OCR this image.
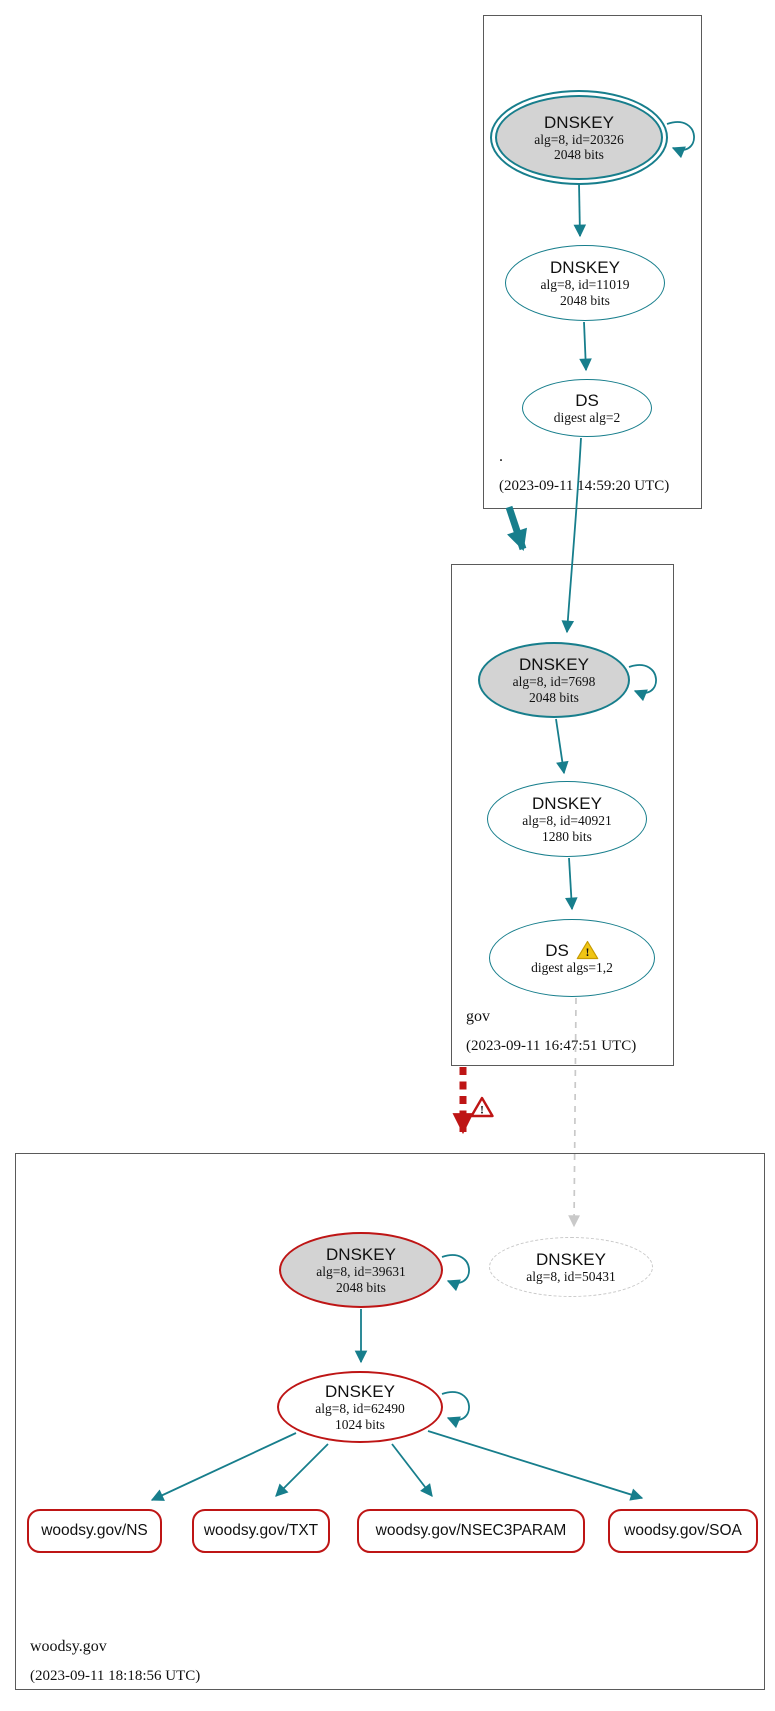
DNSKEY
alg=8, id=20326
2048 bits
DNSKEY
alg=8, id=11019
2048 bits
DS
digest alg=2
.
(2023-09-11 14:59:20 UTC)
DNSKEY
alg=8, id=7698
2048 bits
DNSKEY
alg=8, id=40921
1280 bits
DS !
digest algs=1,2
gov
(2023-09-11 16:47:51 UTC)
!
DNSKEY
alg=8, id=39631
2048 bits
DNSKEY
alg=8, id=50431
DNSKEY
alg=8, id=62490
1024 bits
woodsy.gov/NS	woodsy.gov/TXT	woodsy.gov/NSEC3PARAM	woodsy.gov/SOA
woodsy.gov
(2023-09-11 18:18:56 UTC)
